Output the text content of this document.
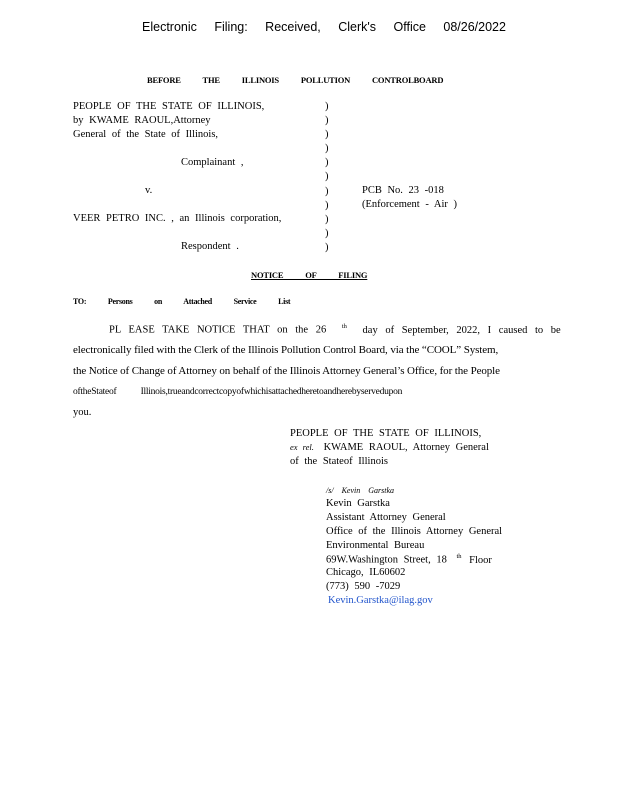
Electronic Filing: Received, Clerk's Office 08/26/2022
BEFORE THE ILLINOIS POLLUTION CONTROLBOARD
PEOPLE OF THE STATE OF ILLINOIS,
by KWAME RAOUL,Attorney
General of the State of Illinois,
Complainant ,
v.
VEER PETRO INC. , an Illinois corporation,
Respondent .
)
)
)
)
)
)
)
)
)
)
)
PCB No. 23 -018
(Enforcement - Air )
NOTICE OF FILING
TO: Persons on Attached Service List
PL EASE TAKE NOTICE THAT on the 26 $^{th}$ day of September, 2022, I caused to be
electronically filed with the Clerk of the Illinois Pollution Control Board, via the “COOL” System,
the Notice of Change of Attorney on behalf of the Illinois Attorney General’s Office, for the People
oftheStateof	Illinois,trueandcorrectcopyofwhichisattachedheretoandherebyservedupon
you.
PEOPLE OF THE STATE OF ILLINOIS,
ex rel. KWAME RAOUL, Attorney General
of the Stateof Illinois
/s/ Kevin Garstka
Kevin Garstka
Assistant Attorney General
Office of the Illinois Attorney General
Environmental Bureau
69W.Washington Street, 18 $^{th}$ Floor
Chicago, IL60602
(773) 590 -7029
Kevin.Garstka@ilag.gov
